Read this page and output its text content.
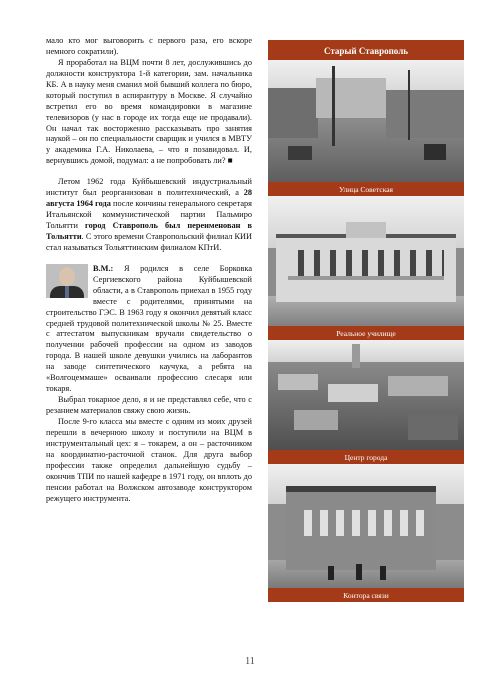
мало кто мог выговорить с первого раза, его вскоре немного сократили).

Я проработал на ВЦМ почти 8 лет, дослужившись до должности конструктора 1-й категории, зам. начальника КБ. А в науку меня сманил мой бывший коллега по бюро, который поступил в аспирантуру в Москве. Я случайно встретил его во время командировки в магазине телевизоров (у нас в городе их тогда еще не продавали). Он начал так восторженно рассказывать про занятия наукой – он по специальности сварщик и учился в МВТУ у академика Г.А. Николаева, – что я позавидовал. И, вернувшись домой, подумал: а не попробовать ли? ■

Летом 1962 года Куйбышевский индустриальный институт был реорганизован в политехнический, а 28 августа 1964 года после кончины генерального секретаря Итальянской коммунистической партии Пальмиро Тольятти город Ставрополь был переименован в Тольятти. С этого времени Ставропольский филиал КИИ стал называться Тольяттинским филиалом КПтИ.

В.М.: Я родился в селе Борковка Сергиевского района Куйбышевской области, а в Ставрополь приехал в 1955 году вместе с родителями, принятыми на строительство ГЭС. В 1963 году я окончил девятый класс средней трудовой политехнической школы № 25. Вместе с аттестатом выпускникам вручали свидетельство о получении рабочей профессии на одном из заводов города. В нашей школе девушки учились на лаборантов на заводе синтетического каучука, а ребята на «Волгоцеммаше» осваивали профессию слесаря или токаря.

Выбрал токарное дело, я и не представлял себе, что с резанием материалов свяжу свою жизнь.

После 9-го класса мы вместе с одним из моих друзей перешли в вечернюю школу и поступили на ВЦМ в инструментальный цех: я – токарем, а он – расточником на координатно-расточной станок. Для друга выбор профессии также определил дальнейшую судьбу – окончив ТПИ по нашей кафедре в 1971 году, он вплоть до пенсии работал на Волжском автозаводе конструктором режущего инструмента.

Старый Ставрополь
Улица Советская
Реальное училище
Центр города
Контора связи
11
